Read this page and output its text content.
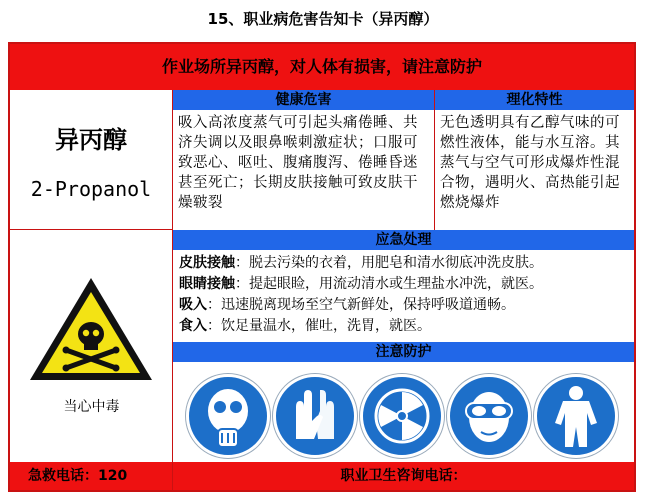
15、职业病危害告知卡（异丙醇）
作业场所异丙醇，对人体有损害，请注意防护
异丙醇
2-Propanol
健康危害
吸入高浓度蒸气可引起头痛倦睡、共济失调以及眼鼻喉刺激症状；口服可致恶心、呕吐、腹痛腹泻、倦睡昏迷甚至死亡；长期皮肤接触可致皮肤干燥皲裂
理化特性
无色透明具有乙醇气味的可燃性液体，能与水互溶。其蒸气与空气可形成爆炸性混合物，遇明火、高热能引起燃烧爆炸
当心中毒
应急处理
皮肤接触：脱去污染的衣着，用肥皂和清水彻底冲洗皮肤。
眼睛接触：提起眼睑，用流动清水或生理盐水冲洗，就医。
吸入：迅速脱离现场至空气新鲜处，保持呼吸道通畅。
食入：饮足量温水，催吐，洗胃，就医。
注意防护
急救电话：120	职业卫生咨询电话：
